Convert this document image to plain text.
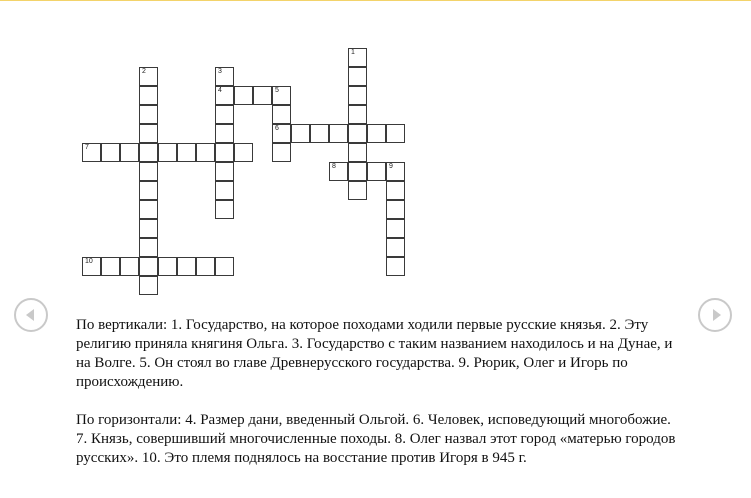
1
2	3
4	5
6
7
8	9
10

По вертикали: 1. Государство, на которое походами ходили первые русские князья. 2. Эту религию приняла княгиня Ольга. 3. Государство с таким названием находилось и на Дунае, и на Волге. 5. Он стоял во главе Древнерусского государства. 9. Рюрик, Олег и Игорь по происхождению.

По горизонтали: 4. Размер дани, введенный Ольгой. 6. Человек, исповедующий многобожие. 7. Князь, совершивший многочисленные походы. 8. Олег назвал этот город «матерью городов русских». 10. Это племя поднялось на восстание против Игоря в 945 г.
